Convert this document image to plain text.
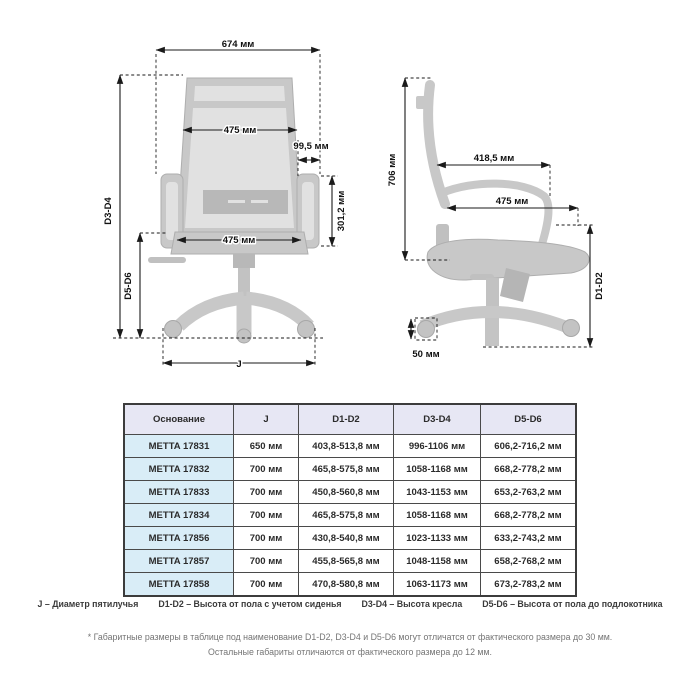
674 мм
D3-D4
D5-D6
475 мм
99,5 мм
301,2 мм
475 мм
J
706 мм	418,5 мм
475 мм
D1-D2
50 мм
Основание	J	D1-D2	D3-D4	D5-D6
METTA 17831	650 мм	403,8-513,8 мм	996-1106 мм	606,2-716,2 мм
METTA 17832	700 мм	465,8-575,8 мм	1058-1168 мм	668,2-778,2 мм
METTA 17833	700 мм	450,8-560,8 мм	1043-1153 мм	653,2-763,2 мм
METTA 17834	700 мм	465,8-575,8 мм	1058-1168 мм	668,2-778,2 мм
METTA 17856	700 мм	430,8-540,8 мм	1023-1133 мм	633,2-743,2 мм
METTA 17857	700 мм	455,8-565,8 мм	1048-1158 мм	658,2-768,2 мм
METTA 17858	700 мм	470,8-580,8 мм	1063-1173 мм	673,2-783,2 мм
J – Диаметр пятилучья D1-D2 – Высота от пола с учетом сиденья D3-D4 – Высота кресла D5-D6 – Высота от пола до подлокотника
* Габаритные размеры в таблице под наименование D1-D2, D3-D4 и D5-D6 могут отличатся от фактического размера до 30 мм.
Остальные габариты отличаются от фактического размера до 12 мм.
